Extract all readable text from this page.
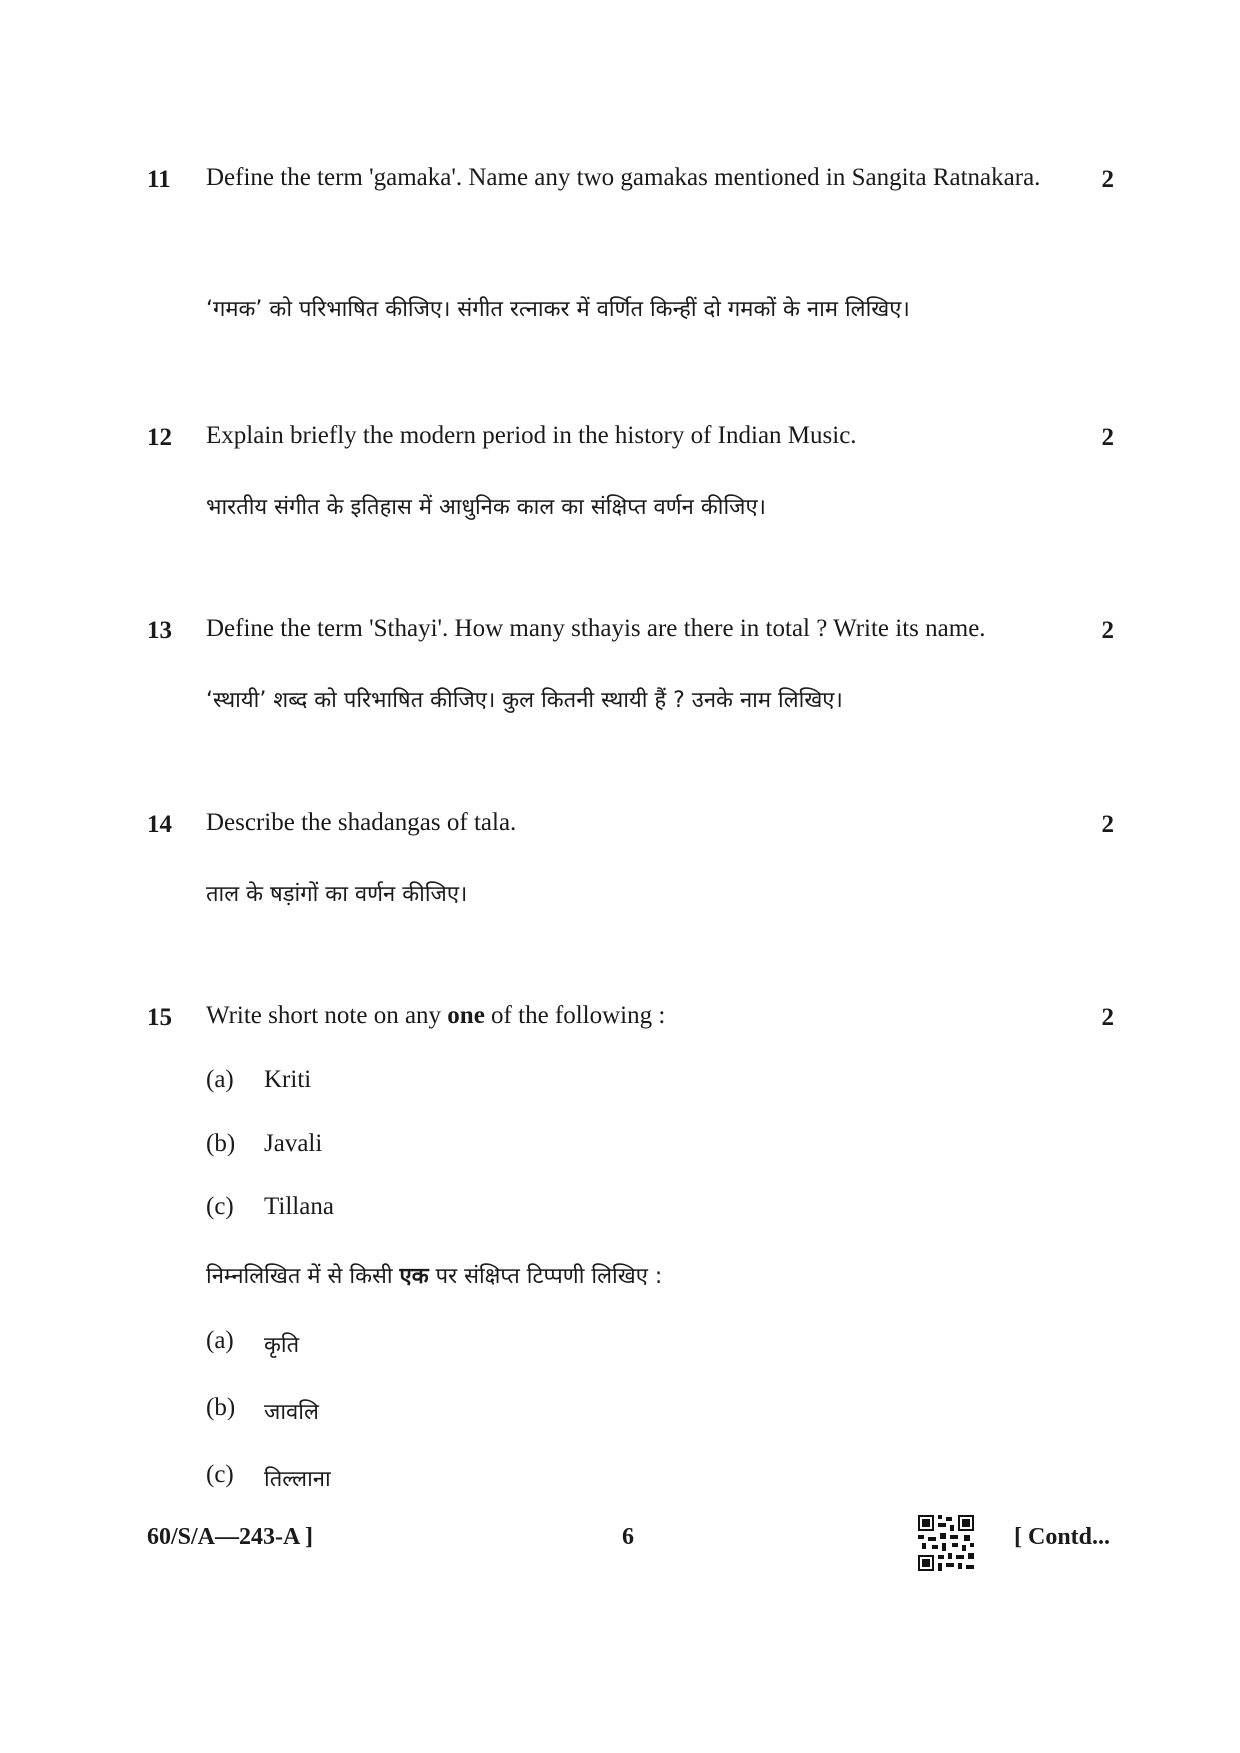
11 Define the term 'gamaka'. Name any two gamakas mentioned in Sangita Ratnakara.	2
‘गमक’ को परिभाषित कीजिए। संगीत रत्नाकर में वर्णित किन्हीं दो गमकों के नाम लिखिए।
12 Explain briefly the modern period in the history of Indian Music.	2
भारतीय संगीत के इतिहास में आधुनिक काल का संक्षिप्त वर्णन कीजिए।
13 Define the term 'Sthayi'. How many sthayis are there in total ? Write its name.	2
‘स्थायी’ शब्द को परिभाषित कीजिए। कुल कितनी स्थायी हैं ? उनके नाम लिखिए।
14 Describe the shadangas of tala.	2
ताल के षड़ांगों का वर्णन कीजिए।
15 Write short note on any one of the following :	2
(a) Kriti
(b) Javali
(c) Tillana
निम्नलिखित में से किसी एक पर संक्षिप्त टिप्पणी लिखिए :
(a) कृति
(b) जावलि
(c) तिल्लाना
60/S/A—243-A ]	6	[ Contd...
